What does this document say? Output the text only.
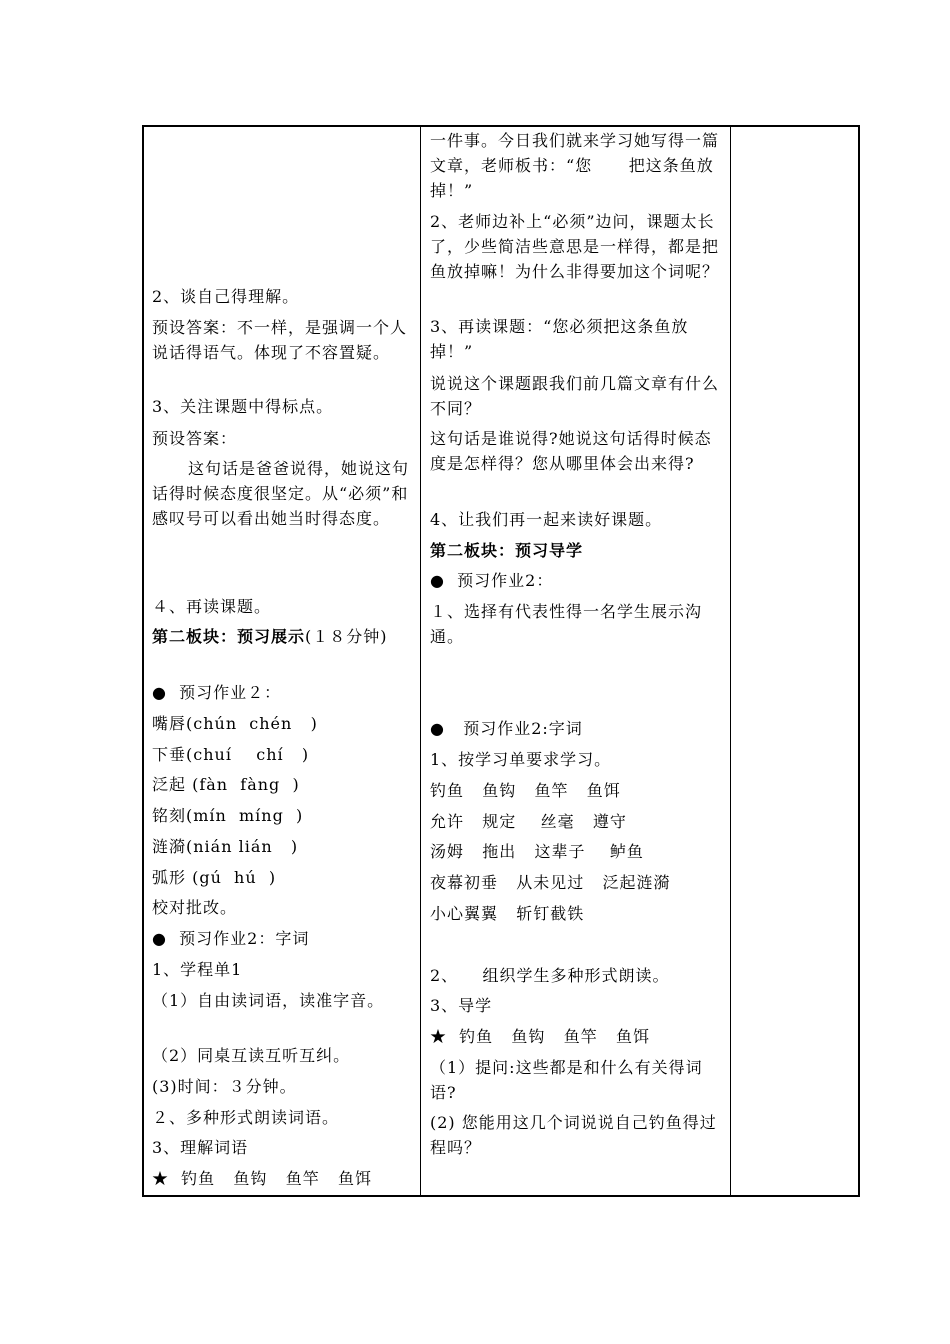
2、谈自己得理解。

预设答案：不一样，是强调一个人说话得语气。体现了不容置疑。

3、关注课题中得标点。

预设答案：

这句话是爸爸说得，她说这句话得时候态度很坚定。从“必须”和感叹号可以看出她当时得态度。

４、再读课题。

第二板块：预习展示(１８分钟)

●  预习作业２：

嘴唇(chún  chén   )

下垂(chuí    chí   )

泛起 (fàn  fàng  )

铭刻(mín  míng  )

涟漪(nián lián   )

弧形 (gú  hú  )

校对批改。

●  预习作业2：字词

1、学程单1

（1）自由读词语，读准字音。

（2）同桌互读互听互纠。

(3)时间：３分钟。

２、多种形式朗读词语。

3、理解词语

★  钓鱼   鱼钩   鱼竿   鱼饵

一件事。今日我们就来学习她写得一篇文章，老师板书：“您      把这条鱼放掉！”

2、老师边补上“必须”边问，课题太长了，少些简洁些意思是一样得，都是把鱼放掉嘛！为什么非得要加这个词呢？

3、再读课题：“您必须把这条鱼放掉！”

说说这个课题跟我们前几篇文章有什么不同？

这句话是谁说得?她说这句话得时候态度是怎样得？您从哪里体会出来得?

4、让我们再一起来读好课题。

第二板块：预习导学

●  预习作业2：

１、选择有代表性得一名学生展示沟通。

●   预习作业2:字词

1、按学习单要求学习。

钓鱼   鱼钩   鱼竿   鱼饵

允许   规定    丝毫   遵守

汤姆   拖出   这辈子    鲈鱼

夜幕初垂   从未见过   泛起涟漪

小心翼翼   斩钉截铁

2、    组织学生多种形式朗读。

3、导学

★  钓鱼   鱼钩   鱼竿   鱼饵

（1）提问:这些都是和什么有关得词语?

(2) 您能用这几个词说说自己钓鱼得过程吗？
